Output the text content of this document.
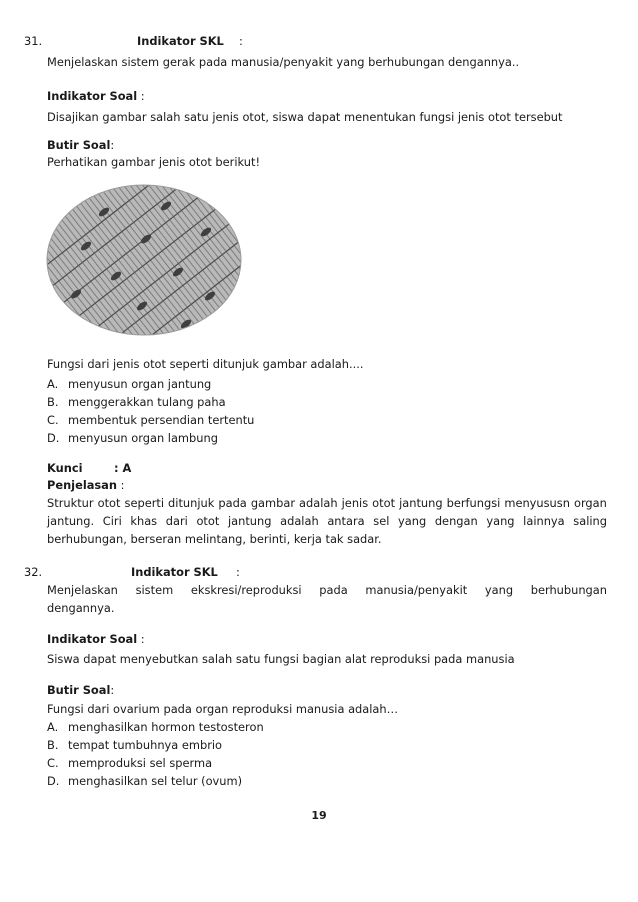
31.	Indikator SKL :
Menjelaskan sistem gerak pada manusia/penyakit yang berhubungan dengannya..
Indikator Soal :
Disajikan gambar salah satu jenis otot, siswa dapat menentukan fungsi jenis otot tersebut
Butir Soal:
Perhatikan gambar jenis otot berikut!
Fungsi dari jenis otot seperti ditunjuk gambar adalah....
A. menyusun organ jantung
B. menggerakkan tulang paha
C. membentuk persendian tertentu
D. menyusun organ lambung
Kunci	: A
Penjelasan :
Struktur otot seperti ditunjuk pada gambar adalah jenis otot jantung berfungsi menyususn organ
jantung. Ciri khas dari otot jantung adalah antara sel yang dengan yang lainnya saling
berhubungan, berseran melintang, berinti, kerja tak sadar.
32.	Indikator SKL :
Menjelaskan sistem ekskresi/reproduksi pada manusia/penyakit yang berhubungan
dengannya.
Indikator Soal :
Siswa dapat menyebutkan salah satu fungsi bagian alat reproduksi pada manusia
Butir Soal:
Fungsi dari ovarium pada organ reproduksi manusia adalah…
A. menghasilkan hormon testosteron
B. tempat tumbuhnya embrio
C. memproduksi sel sperma
D. menghasilkan sel telur (ovum)
19
